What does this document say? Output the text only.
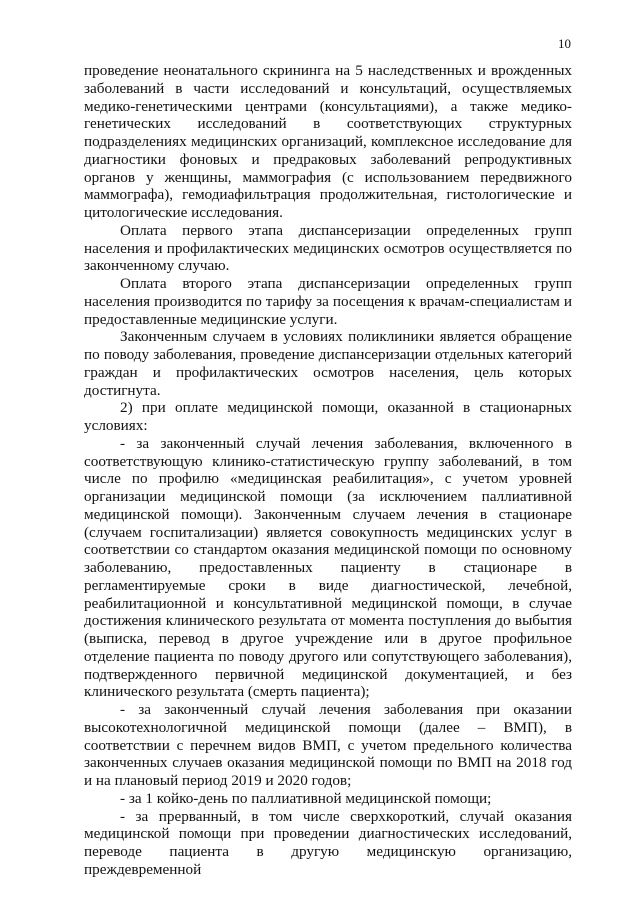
10

проведение неонатального скрининга на 5 наследственных и врожденных заболеваний в части исследований и консультаций, осуществляемых медико-генетическими центрами (консультациями), а также медико-генетических исследований в соответствующих структурных подразделениях медицинских организаций, комплексное исследование для диагностики фоновых и предраковых заболеваний репродуктивных органов у женщины, маммография (с использованием передвижного маммографа), гемодиафильтрация продолжительная, гистологические и цитологические исследования.

Оплата первого этапа диспансеризации определенных групп населения и профилактических медицинских осмотров осуществляется по законченному случаю.

Оплата второго этапа диспансеризации определенных групп населения производится по тарифу за посещения к врачам-специалистам и предоставленные медицинские услуги.

Законченным случаем в условиях поликлиники является обращение по поводу заболевания, проведение диспансеризации отдельных категорий граждан и профилактических осмотров населения, цель которых достигнута.

2) при оплате медицинской помощи, оказанной в стационарных условиях:

- за законченный случай лечения заболевания, включенного в соответствующую клинико-статистическую группу заболеваний, в том числе по профилю «медицинская реабилитация», с учетом уровней организации медицинской помощи (за исключением паллиативной медицинской помощи). Законченным случаем лечения в стационаре (случаем госпитализации) является совокупность медицинских услуг в соответствии со стандартом оказания медицинской помощи по основному заболеванию, предоставленных пациенту в стационаре в регламентируемые сроки в виде диагностической, лечебной, реабилитационной и консультативной медицинской помощи, в случае достижения клинического результата от момента поступления до выбытия (выписка, перевод в другое учреждение или в другое профильное отделение пациента по поводу другого или сопутствующего заболевания), подтвержденного первичной медицинской документацией, и без клинического результата (смерть пациента);

- за законченный случай лечения заболевания при оказании высокотехнологичной медицинской помощи (далее – ВМП), в соответствии с перечнем видов ВМП, с учетом предельного количества законченных случаев оказания медицинской помощи по ВМП на 2018 год и на плановый период 2019 и 2020 годов;

- за 1 койко-день по паллиативной медицинской помощи;

- за прерванный, в том числе сверхкороткий, случай оказания медицинской помощи при проведении диагностических исследований, переводе пациента в другую медицинскую организацию, преждевременной
